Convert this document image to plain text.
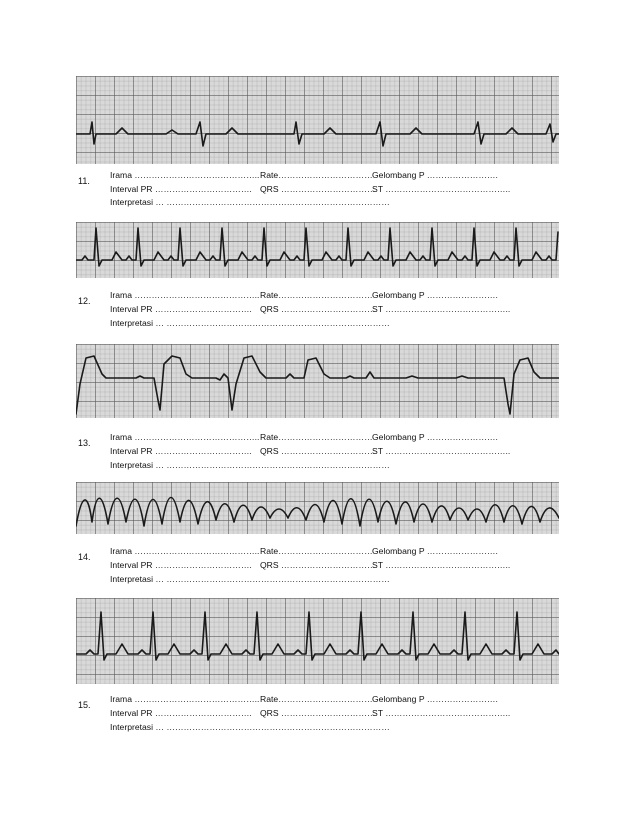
11.
Irama …………………………………….. Rate…………………………… Gelombang P …………………….
Interval PR ……………………………. QRS ……………………………
ST ……………………………………..
Interpretasi … ……………………………………………………………………
12.
Irama …………………………………….. Rate…………………………… Gelombang P …………………….
Interval PR ……………………………. QRS ……………………………
ST ……………………………………..
Interpretasi … ……………………………………………………………………
13.
Irama …………………………………….. Rate…………………………… Gelombang P …………………….
Interval PR ……………………………. QRS ……………………………
ST ……………………………………..
Interpretasi … ……………………………………………………………………
14.
Irama …………………………………….. Rate…………………………… Gelombang P …………………….
Interval PR ……………………………. QRS ……………………………
ST ……………………………………..
Interpretasi … ……………………………………………………………………
15.
Irama …………………………………….. Rate…………………………… Gelombang P …………………….
Interval PR ……………………………. QRS ……………………………
ST ……………………………………..
Interpretasi … ……………………………………………………………………
